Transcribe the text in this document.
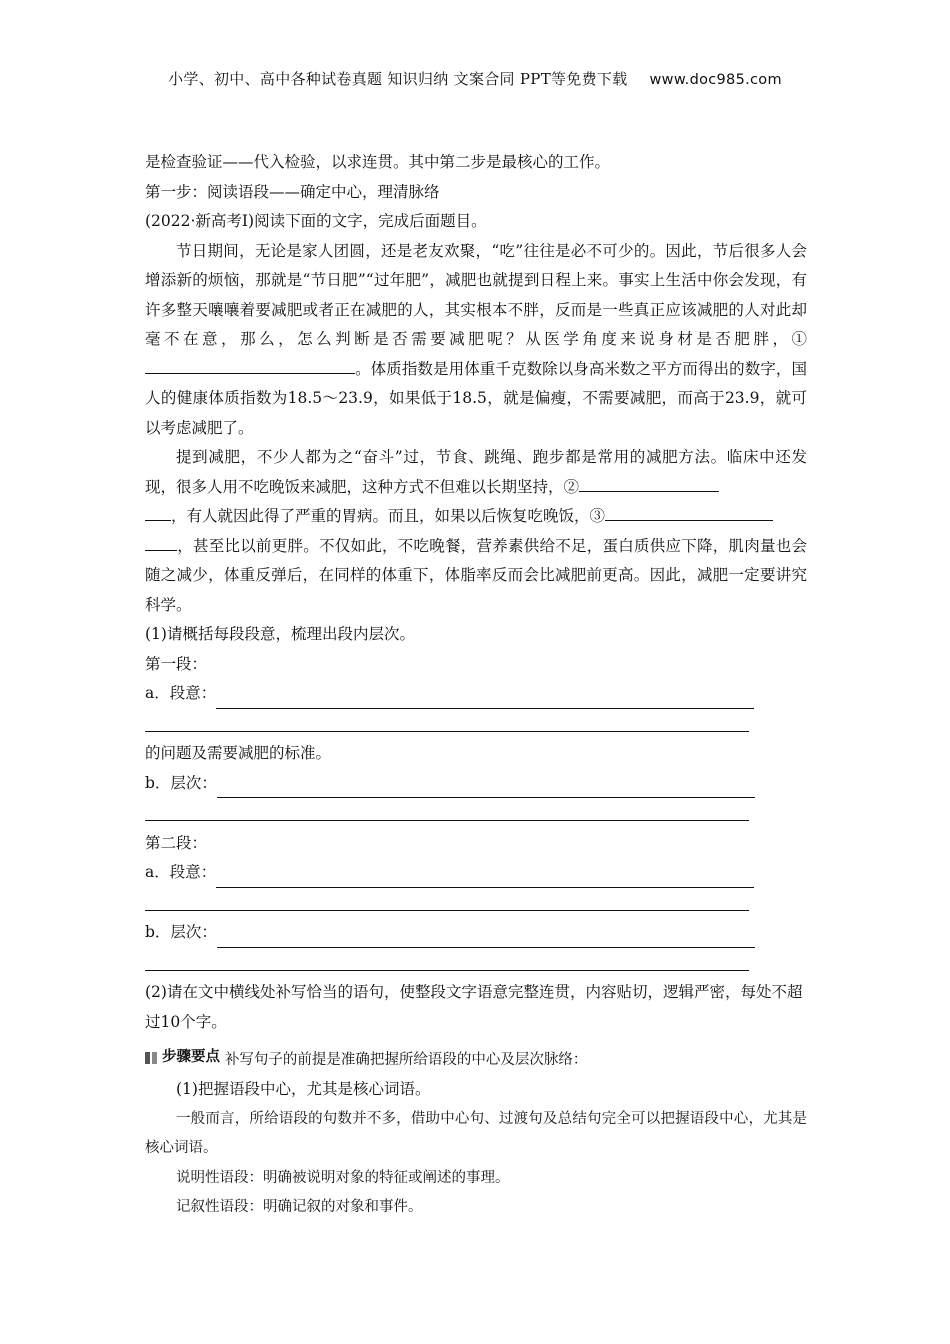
小学、初中、高中各种试卷真题 知识归纳 文案合同 PPT等免费下载 www.doc985.com

是检查验证——代入检验，以求连贯。其中第二步是最核心的工作。

第一步：阅读语段——确定中心，理清脉络

(2022·新高考Ⅰ)阅读下面的文字，完成后面题目。

节日期间，无论是家人团圆，还是老友欢聚，“吃”往往是必不可少的。因此，节后很多人会增添新的烦恼，那就是“节日肥”“过年肥”，减肥也就提到日程上来。事实上生活中你会发现，有许多整天嚷嚷着要减肥或者正在减肥的人，其实根本不胖，反而是一些真正应该减肥的人对此却毫不在意，那么，怎么判断是否需要减肥呢？从医学角度来说身材是否肥胖，①。体质指数是用体重千克数除以身高米数之平方而得出的数字，国人的健康体质指数为18.5～23.9，如果低于18.5，就是偏瘦，不需要减肥，而高于23.9，就可以考虑减肥了。

提到减肥，不少人都为之“奋斗”过，节食、跳绳、跑步都是常用的减肥方法。临床中还发现，很多人用不吃晚饭来减肥，这种方式不但难以长期坚持，②
，有人就因此得了严重的胃病。而且，如果以后恢复吃晚饭，③
，甚至比以前更胖。不仅如此，不吃晚餐，营养素供给不足，蛋白质供应下降，肌肉量也会随之减少，体重反弹后，在同样的体重下，体脂率反而会比减肥前更高。因此，减肥一定要讲究科学。

(1)请概括每段段意，梳理出段内层次。

第一段：

a．段意：

的问题及需要减肥的标准。

b．层次：

第二段：

a．段意：
b．层次：

(2)请在文中横线处补写恰当的语句，使整段文字语意完整连贯，内容贴切，逻辑严密，每处不超过10个字。

步骤要点 补写句子的前提是准确把握所给语段的中心及层次脉络：

(1)把握语段中心，尤其是核心词语。

一般而言，所给语段的句数并不多，借助中心句、过渡句及总结句完全可以把握语段中心，尤其是核心词语。

说明性语段：明确被说明对象的特征或阐述的事理。

记叙性语段：明确记叙的对象和事件。
